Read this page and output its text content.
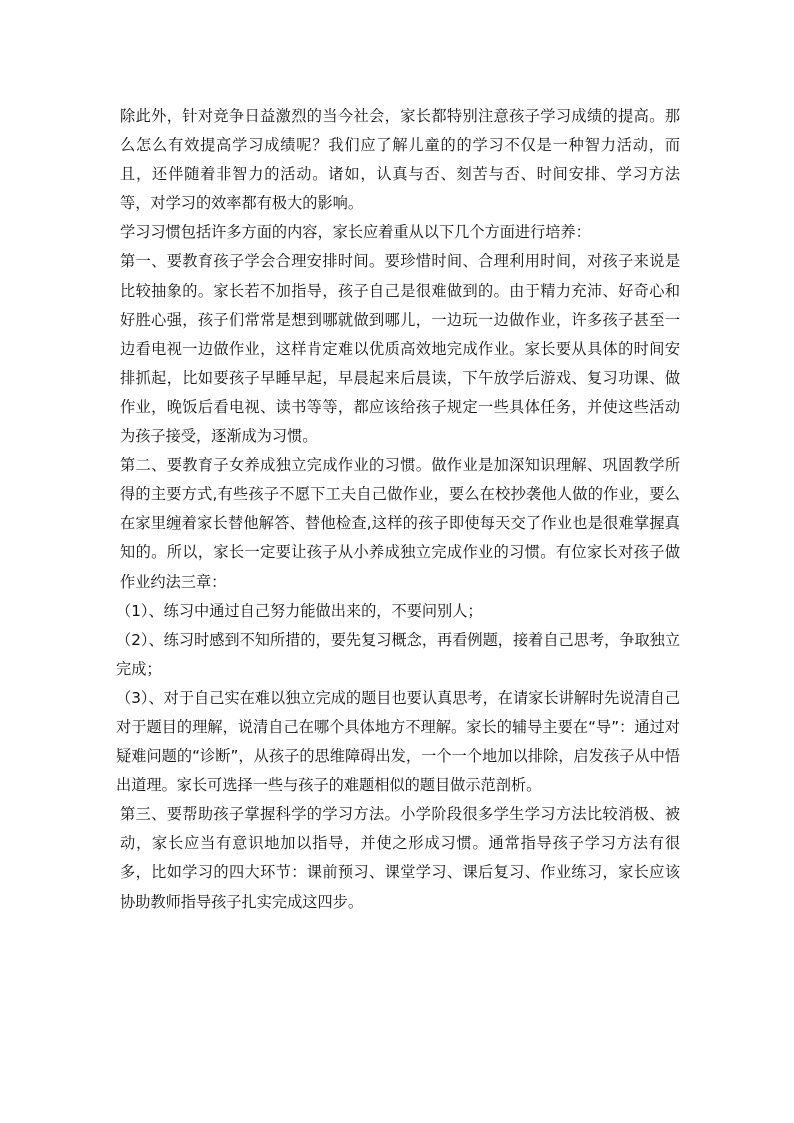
除此外，针对竞争日益激烈的当今社会，家长都特别注意孩子学习成绩的提高。那么怎么有效提高学习成绩呢？我们应了解儿童的的学习不仅是一种智力活动，而且，还伴随着非智力的活动。诸如，认真与否、刻苦与否、时间安排、学习方法等，对学习的效率都有极大的影响。

学习习惯包括许多方面的内容，家长应着重从以下几个方面进行培养：

第一、要教育孩子学会合理安排时间。要珍惜时间、合理利用时间，对孩子来说是比较抽象的。家长若不加指导，孩子自己是很难做到的。由于精力充沛、好奇心和好胜心强，孩子们常常是想到哪就做到哪儿，一边玩一边做作业，许多孩子甚至一边看电视一边做作业，这样肯定难以优质高效地完成作业。家长要从具体的时间安排抓起，比如要孩子早睡早起，早晨起来后晨读，下午放学后游戏、复习功课、做作业，晚饭后看电视、读书等等，都应该给孩子规定一些具体任务，并使这些活动为孩子接受，逐渐成为习惯。

第二、要教育子女养成独立完成作业的习惯。做作业是加深知识理解、巩固教学所得的主要方式,有些孩子不愿下工夫自己做作业，要么在校抄袭他人做的作业，要么在家里缠着家长替他解答、替他检查,这样的孩子即使每天交了作业也是很难掌握真知的。所以，家长一定要让孩子从小养成独立完成作业的习惯。有位家长对孩子做作业约法三章：

（1）、练习中通过自己努力能做出来的，不要问别人；

（2）、练习时感到不知所措的，要先复习概念，再看例题，接着自己思考，争取独立完成；

（3）、对于自己实在难以独立完成的题目也要认真思考，在请家长讲解时先说清自己对于题目的理解，说清自己在哪个具体地方不理解。家长的辅导主要在“导”：通过对疑难问题的“诊断”，从孩子的思维障碍出发，一个一个地加以排除，启发孩子从中悟出道理。家长可选择一些与孩子的难题相似的题目做示范剖析。

第三、要帮助孩子掌握科学的学习方法。小学阶段很多学生学习方法比较消极、被动，家长应当有意识地加以指导，并使之形成习惯。通常指导孩子学习方法有很多，比如学习的四大环节：课前预习、课堂学习、课后复习、作业练习，家长应该协助教师指导孩子扎实完成这四步。
